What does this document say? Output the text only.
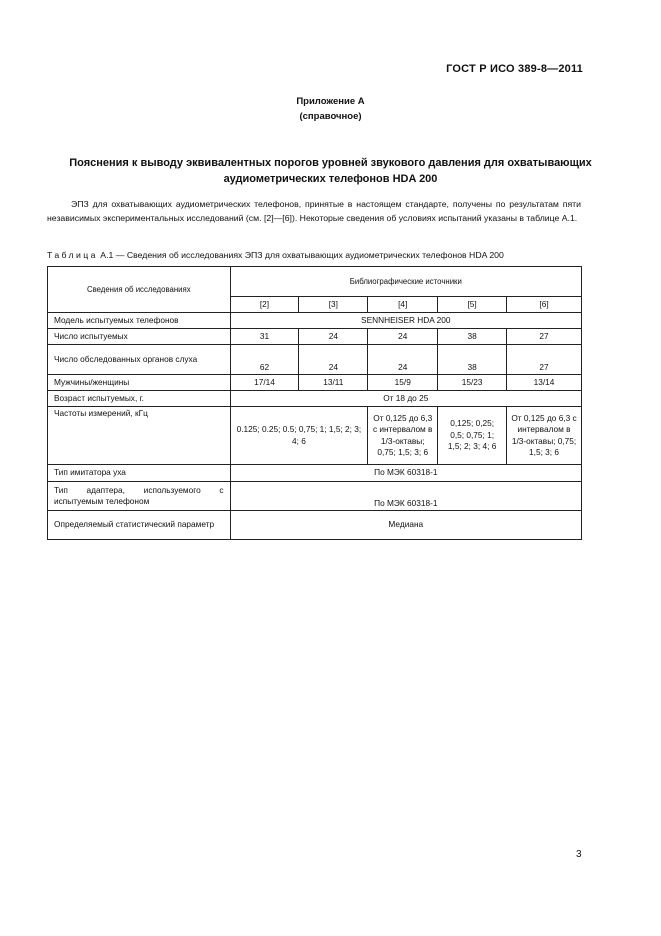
ГОСТ Р ИСО 389-8—2011
Приложение А
(справочное)
Пояснения к выводу эквивалентных порогов уровней звукового давления для охватывающих аудиометрических телефонов HDA 200
ЭПЗ для охватывающих аудиометрических телефонов, принятые в настоящем стандарте, получены по результатам пяти независимых экспериментальных исследований (см. [2]—[6]). Некоторые сведения об условиях испытаний указаны в таблице А.1.
Таблица А.1 — Сведения об исследованиях ЭПЗ для охватывающих аудиометрических телефонов HDA 200
Сведения об исследованиях	Библиографические источники				
	[2]	[3]	[4]	[5]	[6]
Модель испытуемых телефонов	SENNHEISER HDA 200				
Число испытуемых	31	24	24	38	27
Число обследованных органов слуха	62	24	24	38	27
Мужчины/женщины	17/14	13/11	15/9	15/23	13/14
Возраст испытуемых, г.	От 18 до 25				
Частоты измерений, кГц	0.125; 0.25; 0.5; 0,75; 1; 1,5; 2; 3; 4; 6		От 0,125 до 6,3 с интервалом в 1/3-октавы; 0,75; 1,5; 3; 6	0,125; 0,25; 0,5; 0,75; 1; 1,5; 2; 3; 4; 6	От 0,125 до 6,3 с интервалом в 1/3-октавы; 0,75; 1,5; 3; 6
Тип имитатора уха	По МЭК 60318-1				
Тип адаптера, используемого с испытуемым телефоном	По МЭК 60318-1				
Определяемый статистический параметр	Медиана				
3
